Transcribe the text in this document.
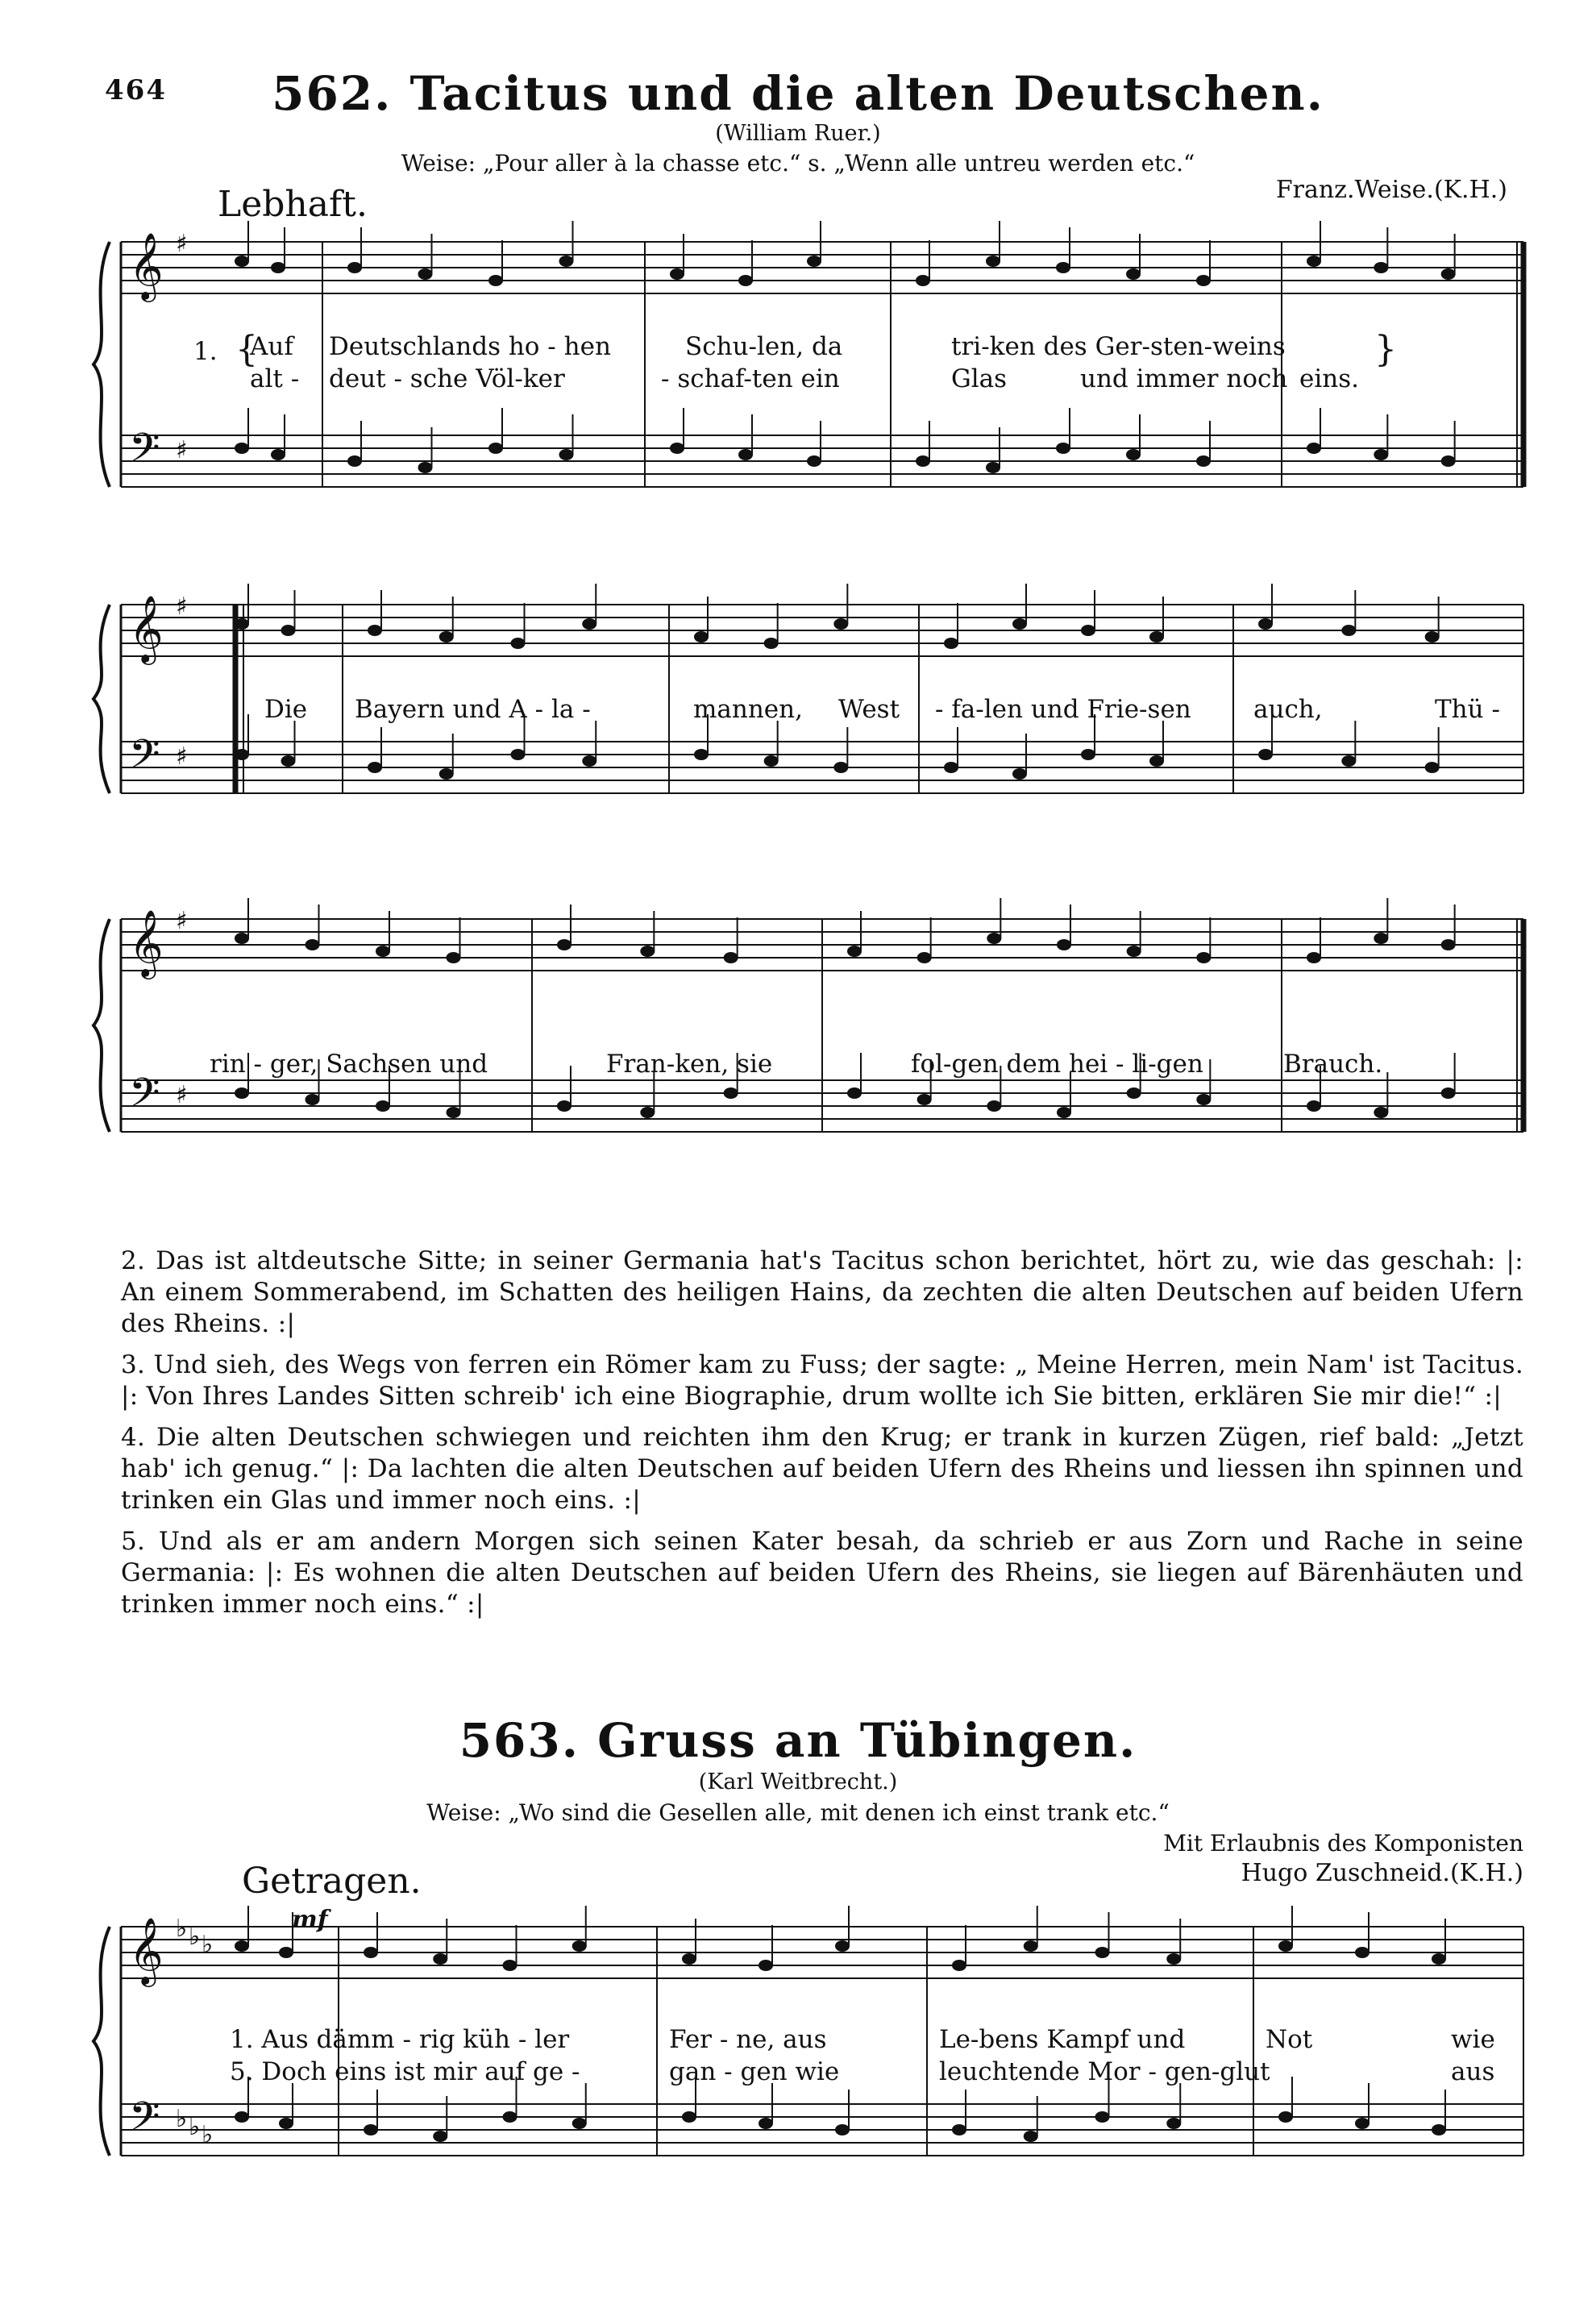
464	562. Tacitus und die alten Deutschen.
(William Ruer.)
Weise: „Pour aller à la chasse etc.“ s. „Wenn alle untreu werden etc.“
Lebhaft.	Franz.Weise.(K.H.)
𝄞
𝄢
♯
♯
1. {
Auf Deutschlands ho - hen	Schu-len, da	tri-ken des Ger-sten-weins	}
alt - deut - sche Völ-ker	- schaf-ten ein	Glas	und immer noch eins.
𝄞
𝄢
♯
♯
Die Bayern und A - la -	mannen, West - fa-len und Frie-sen auch,	Thü -
𝄞
𝄢
♯
♯
rin - ger, Sachsen und	Fran-ken, sie	fol-gen dem hei - li-gen	Brauch.

2. Das ist altdeutsche Sitte; in seiner Germania hat's Tacitus schon berichtet, hört zu, wie das geschah: |: An einem Sommerabend, im Schatten des heiligen Hains, da zechten die alten Deutschen auf beiden Ufern des Rheins. :|

3. Und sieh, des Wegs von ferren ein Römer kam zu Fuss; der sagte: „ Meine Herren, mein Nam' ist Tacitus. |: Von Ihres Landes Sitten schreib' ich eine Biographie, drum wollte ich Sie bitten, erklären Sie mir die!“ :|

4. Die alten Deutschen schwiegen und reichten ihm den Krug; er trank in kurzen Zügen, rief bald: „Jetzt hab' ich genug.“ |: Da lachten die alten Deutschen auf beiden Ufern des Rheins und liessen ihn spinnen und trinken ein Glas und immer noch eins. :|

5. Und als er am andern Morgen sich seinen Kater besah, da schrieb er aus Zorn und Rache in seine Germania: |: Es wohnen die alten Deutschen auf beiden Ufern des Rheins, sie liegen auf Bärenhäuten und trinken immer noch eins.“ :|

563. Gruss an Tübingen.
(Karl Weitbrecht.)
Weise: „Wo sind die Gesellen alle, mit denen ich einst trank etc.“
Mit Erlaubnis des Komponisten
Hugo Zuschneid.(K.H.)
Getragen.
mf
𝄞
𝄢
♭
♭
♭
♭
♭
♭
1. Aus dämm - rig küh - ler	Fer - ne, aus	Le-bens Kampf und	Not	wie
5. Doch eins ist mir auf ge -	gan - gen wie	leuchtende Mor - gen-glut	aus
